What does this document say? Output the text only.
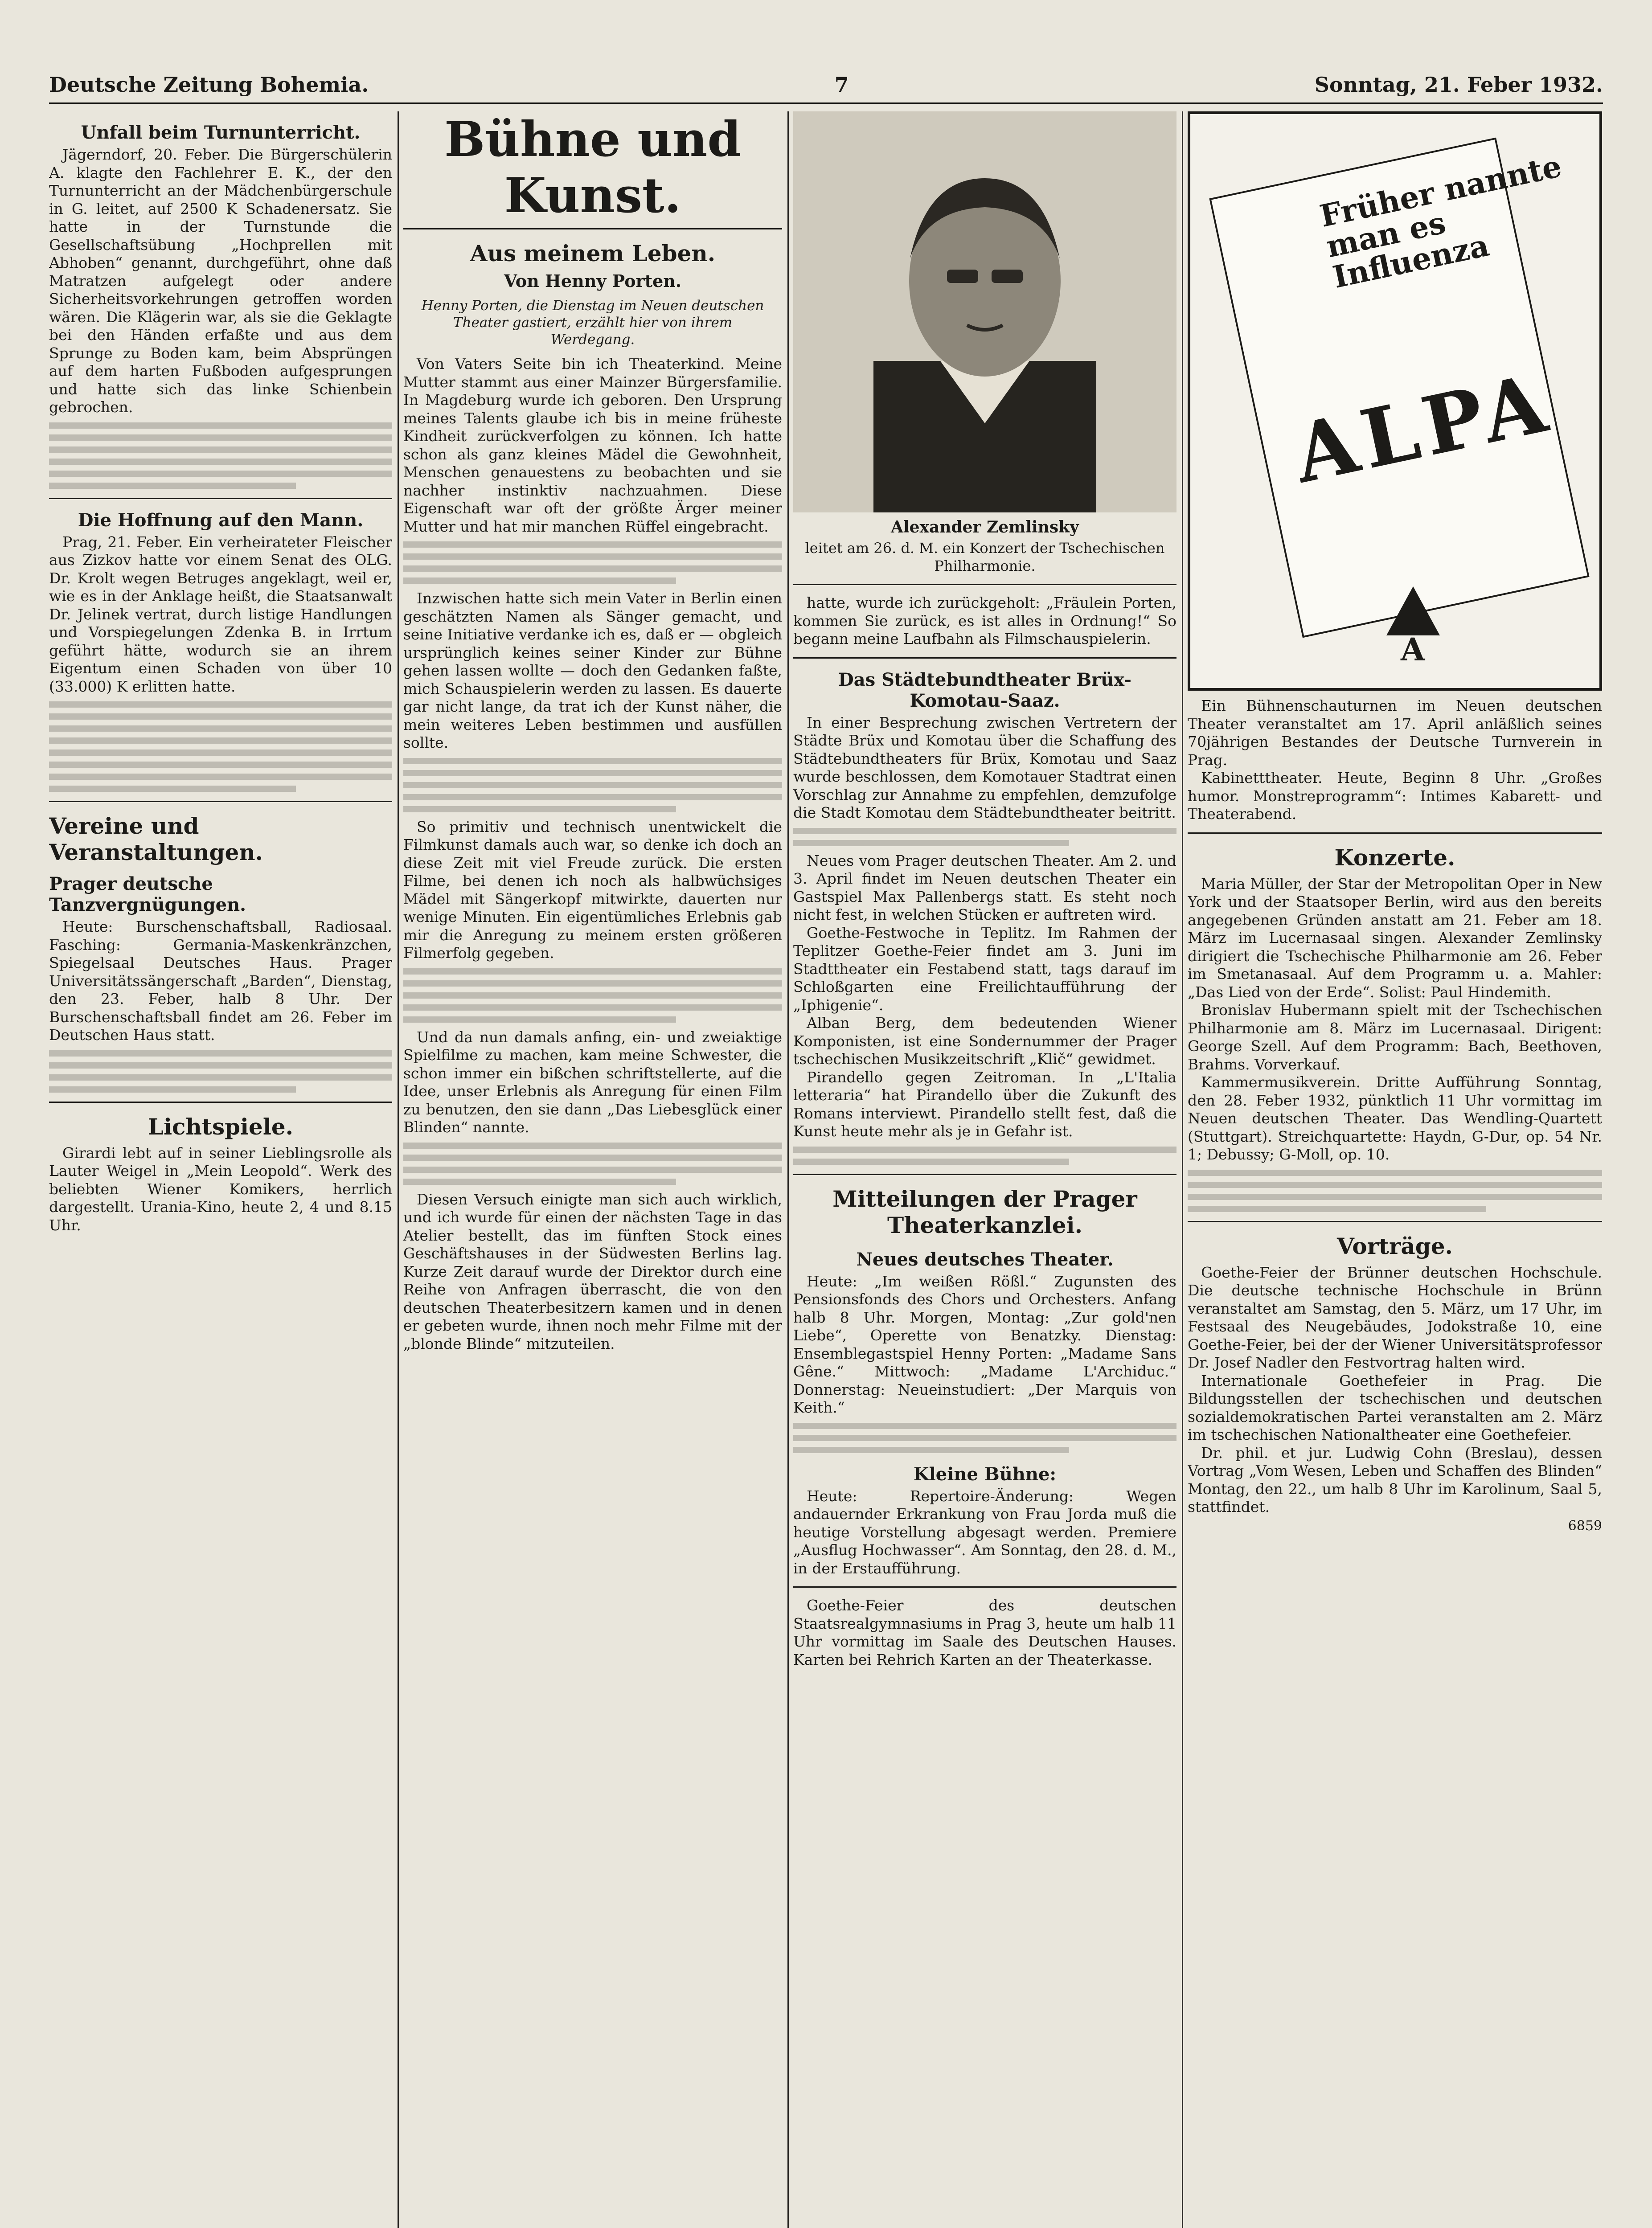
Deutsche Zeitung Bohemia.	7	Sonntag, 21. Feber 1932.
Unfall beim Turnunterricht.

Jägerndorf, 20. Feber. Die Bürgerschülerin A. klagte den Fachlehrer E. K., der den Turnunterricht an der Mädchenbürgerschule in G. leitet, auf 2500 K Schadenersatz. Sie hatte in der Turnstunde die Gesellschaftsübung „Hochprellen mit Abhoben“ genannt, durchgeführt, ohne daß Matratzen aufgelegt oder andere Sicherheitsvorkehrungen getroffen worden wären. Die Klägerin war, als sie die Geklagte bei den Händen erfaßte und aus dem Sprunge zu Boden kam, beim Absprüngen auf dem harten Fußboden aufgesprungen und hatte sich das linke Schienbein gebrochen.

Die Hoffnung auf den Mann.

Prag, 21. Feber. Ein verheirateter Fleischer aus Zizkov hatte vor einem Senat des OLG. Dr. Krolt wegen Betruges angeklagt, weil er, wie es in der Anklage heißt, die Staatsanwalt Dr. Jelinek vertrat, durch listige Handlungen und Vorspiegelungen Zdenka B. in Irrtum geführt hätte, wodurch sie an ihrem Eigentum einen Schaden von über 10 (33.000) K erlitten hatte.

Vereine und Veranstaltungen.
Prager deutsche Tanzvergnügungen.

Heute: Burschenschaftsball, Radiosaal. Fasching: Germania-Maskenkränzchen, Spiegelsaal Deutsches Haus. Prager Universitätssängerschaft „Barden“, Dienstag, den 23. Feber, halb 8 Uhr. Der Burschenschaftsball findet am 26. Feber im Deutschen Haus statt.

Lichtspiele.

Girardi lebt auf in seiner Lieblingsrolle als Lauter Weigel in „Mein Leopold“. Werk des beliebten Wiener Komikers, herrlich dargestellt. Urania-Kino, heute 2, 4 und 8.15 Uhr.

Bühne und Kunst.
Aus meinem Leben.
Von Henny Porten.
Henny Porten, die Dienstag im Neuen deutschen Theater gastiert, erzählt hier von ihrem Werdegang.

Von Vaters Seite bin ich Theaterkind. Meine Mutter stammt aus einer Mainzer Bürgersfamilie. In Magdeburg wurde ich geboren. Den Ursprung meines Talents glaube ich bis in meine früheste Kindheit zurückverfolgen zu können. Ich hatte schon als ganz kleines Mädel die Gewohnheit, Menschen genauestens zu beobachten und sie nachher instinktiv nachzuahmen. Diese Eigenschaft war oft der größte Ärger meiner Mutter und hat mir manchen Rüffel eingebracht.

Inzwischen hatte sich mein Vater in Berlin einen geschätzten Namen als Sänger gemacht, und seine Initiative verdanke ich es, daß er — obgleich ursprünglich keines seiner Kinder zur Bühne gehen lassen wollte — doch den Gedanken faßte, mich Schauspielerin werden zu lassen. Es dauerte gar nicht lange, da trat ich der Kunst näher, die mein weiteres Leben bestimmen und ausfüllen sollte.

So primitiv und technisch unentwickelt die Filmkunst damals auch war, so denke ich doch an diese Zeit mit viel Freude zurück. Die ersten Filme, bei denen ich noch als halbwüchsiges Mädel mit Sängerkopf mitwirkte, dauerten nur wenige Minuten. Ein eigentümliches Erlebnis gab mir die Anregung zu meinem ersten größeren Filmerfolg gegeben.

Und da nun damals anfing, ein- und zweiaktige Spielfilme zu machen, kam meine Schwester, die schon immer ein bißchen schriftstellerte, auf die Idee, unser Erlebnis als Anregung für einen Film zu benutzen, den sie dann „Das Liebesglück einer Blinden“ nannte.

Diesen Versuch einigte man sich auch wirklich, und ich wurde für einen der nächsten Tage in das Atelier bestellt, das im fünften Stock eines Geschäftshauses in der Südwesten Berlins lag. Kurze Zeit darauf wurde der Direktor durch eine Reihe von Anfragen überrascht, die von den deutschen Theaterbesitzern kamen und in denen er gebeten wurde, ihnen noch mehr Filme mit der „blonde Blinde“ mitzuteilen.

Alexander Zemlinsky
leitet am 26. d. M. ein Konzert der Tschechischen Philharmonie.

hatte, wurde ich zurückgeholt: „Fräulein Porten, kommen Sie zurück, es ist alles in Ordnung!“ So begann meine Laufbahn als Filmschauspielerin.

Das Städtebundtheater Brüx-Komotau-Saaz.

In einer Besprechung zwischen Vertretern der Städte Brüx und Komotau über die Schaffung des Städtebundtheaters für Brüx, Komotau und Saaz wurde beschlossen, dem Komotauer Stadtrat einen Vorschlag zur Annahme zu empfehlen, demzufolge die Stadt Komotau dem Städtebundtheater beitritt.

Neues vom Prager deutschen Theater. Am 2. und 3. April findet im Neuen deutschen Theater ein Gastspiel Max Pallenbergs statt. Es steht noch nicht fest, in welchen Stücken er auftreten wird.

Goethe-Festwoche in Teplitz. Im Rahmen der Teplitzer Goethe-Feier findet am 3. Juni im Stadttheater ein Festabend statt, tags darauf im Schloßgarten eine Freilichtaufführung der „Iphigenie“.

Alban Berg, dem bedeutenden Wiener Komponisten, ist eine Sondernummer der Prager tschechischen Musikzeitschrift „Klič“ gewidmet.

Pirandello gegen Zeitroman. In „L'Italia letteraria“ hat Pirandello über die Zukunft des Romans interviewt. Pirandello stellt fest, daß die Kunst heute mehr als je in Gefahr ist.

Mitteilungen der Prager Theaterkanzlei.
Neues deutsches Theater.

Heute: „Im weißen Rößl.“ Zugunsten des Pensionsfonds des Chors und Orchesters. Anfang halb 8 Uhr. Morgen, Montag: „Zur gold'nen Liebe“, Operette von Benatzky. Dienstag: Ensemblegastspiel Henny Porten: „Madame Sans Gêne.“ Mittwoch: „Madame L'Archiduc.“ Donnerstag: Neueinstudiert: „Der Marquis von Keith.“

Kleine Bühne:

Heute: Repertoire-Änderung: Wegen andauernder Erkrankung von Frau Jorda muß die heutige Vorstellung abgesagt werden. Premiere „Ausflug Hochwasser“. Am Sonntag, den 28. d. M., in der Erstaufführung.

Goethe-Feier des deutschen Staatsrealgymnasiums in Prag 3, heute um halb 11 Uhr vormittag im Saale des Deutschen Hauses. Karten bei Rehrich Karten an der Theaterkasse.

Früher nannte man es Influenza
ALPA
A

Ein Bühnenschauturnen im Neuen deutschen Theater veranstaltet am 17. April anläßlich seines 70jährigen Bestandes der Deutsche Turnverein in Prag.

Kabinetttheater. Heute, Beginn 8 Uhr. „Großes humor. Monstreprogramm“: Intimes Kabarett- und Theaterabend.

Konzerte.

Maria Müller, der Star der Metropolitan Oper in New York und der Staatsoper Berlin, wird aus den bereits angegebenen Gründen anstatt am 21. Feber am 18. März im Lucernasaal singen. Alexander Zemlinsky dirigiert die Tschechische Philharmonie am 26. Feber im Smetanasaal. Auf dem Programm u. a. Mahler: „Das Lied von der Erde“. Solist: Paul Hindemith.

Bronislav Hubermann spielt mit der Tschechischen Philharmonie am 8. März im Lucernasaal. Dirigent: George Szell. Auf dem Programm: Bach, Beethoven, Brahms. Vorverkauf.

Kammermusikverein. Dritte Aufführung Sonntag, den 28. Feber 1932, pünktlich 11 Uhr vormittag im Neuen deutschen Theater. Das Wendling-Quartett (Stuttgart). Streichquartette: Haydn, G-Dur, op. 54 Nr. 1; Debussy; G-Moll, op. 10.

Vorträge.

Goethe-Feier der Brünner deutschen Hochschule. Die deutsche technische Hochschule in Brünn veranstaltet am Samstag, den 5. März, um 17 Uhr, im Festsaal des Neugebäudes, Jodokstraße 10, eine Goethe-Feier, bei der der Wiener Universitätsprofessor Dr. Josef Nadler den Festvortrag halten wird.

Internationale Goethefeier in Prag. Die Bildungsstellen der tschechischen und deutschen sozialdemokratischen Partei veranstalten am 2. März im tschechischen Nationaltheater eine Goethefeier.

Dr. phil. et jur. Ludwig Cohn (Breslau), dessen Vortrag „Vom Wesen, Leben und Schaffen des Blinden“ Montag, den 22., um halb 8 Uhr im Karolinum, Saal 5, stattfindet.

6859
